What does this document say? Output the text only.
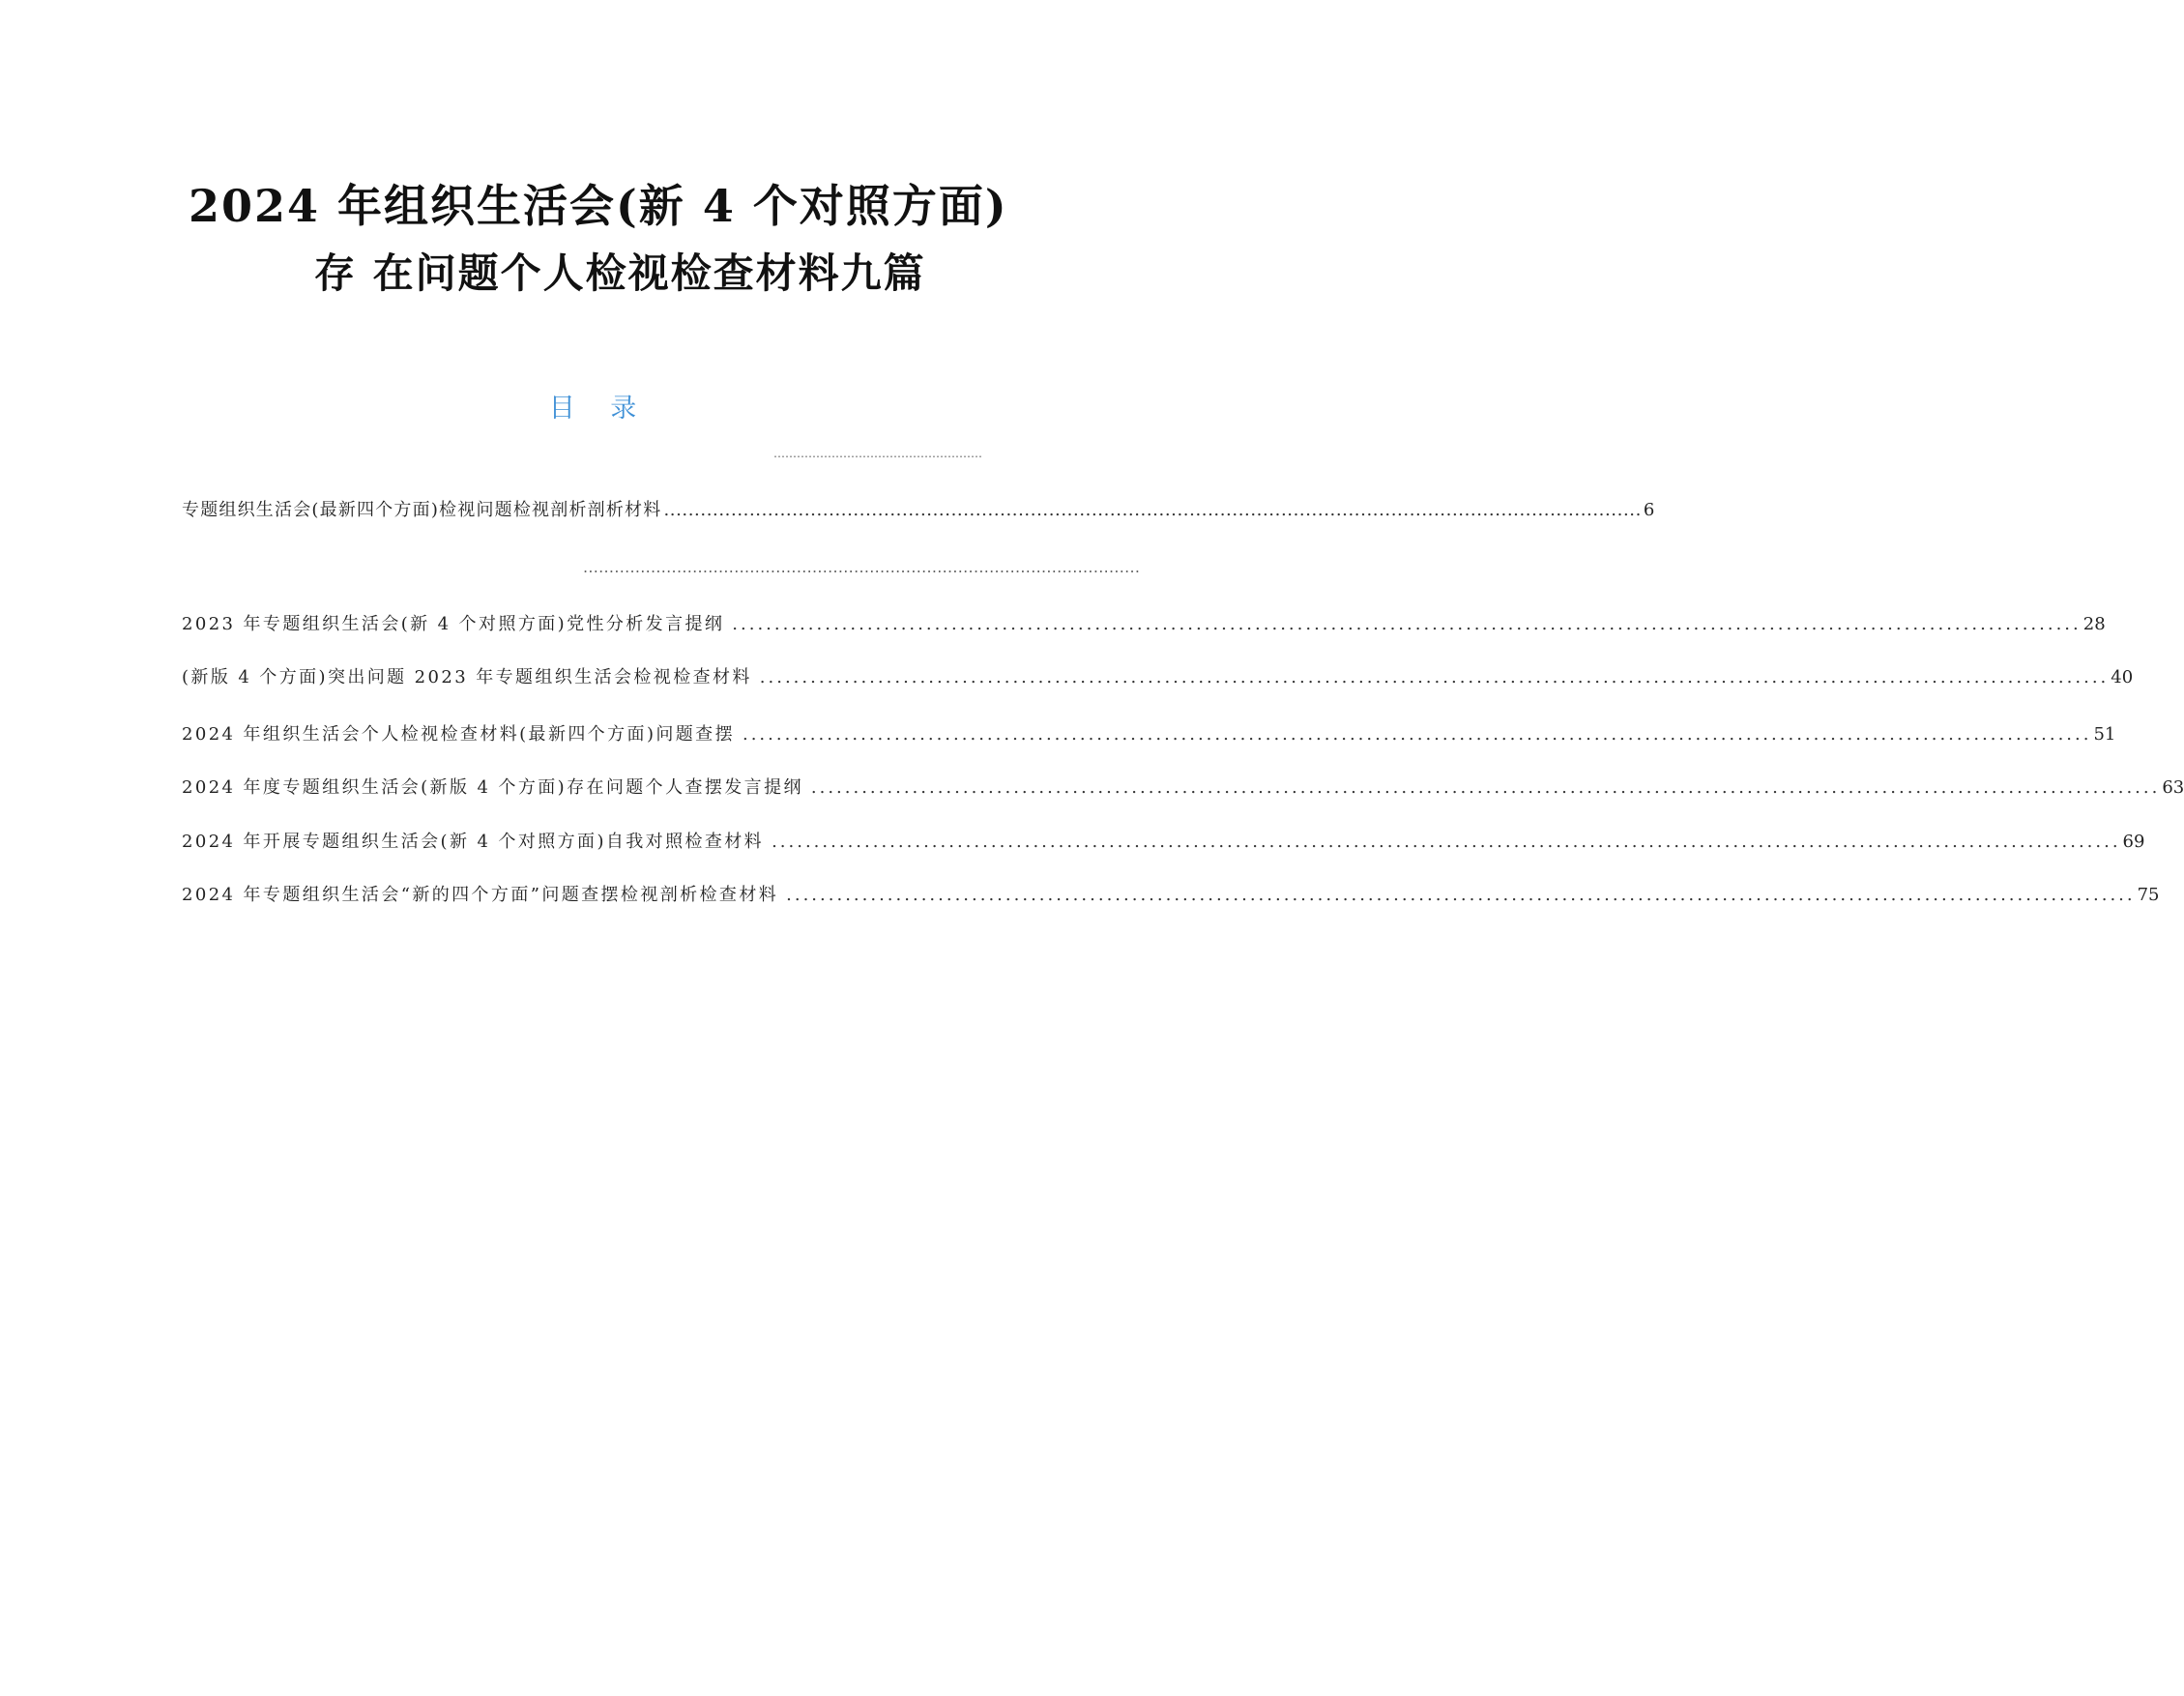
2024 年组织生活会(新 4 个对照方面)
存 在问题个人检视检查材料九篇
目 录
………………………………………………
专题组织生活会(最新四个方面)检视问题检视剖析剖析材料 .....	6
...........................................................................................................
2023 年专题组织生活会(新 4 个对照方面)党性分析发言提纲 .....	28
(新版 4 个方面)突出问题 2023 年专题组织生活会检视检查材料 .....	40
2024 年组织生活会个人检视检查材料(最新四个方面)问题查摆 .....	51
2024 年度专题组织生活会(新版 4 个方面)存在问题个人查摆发言提纲 .....	63
2024 年开展专题组织生活会(新 4 个对照方面)自我对照检查材料 .....	69
2024 年专题组织生活会“新的四个方面”问题查摆检视剖析检查材料 .....	75
